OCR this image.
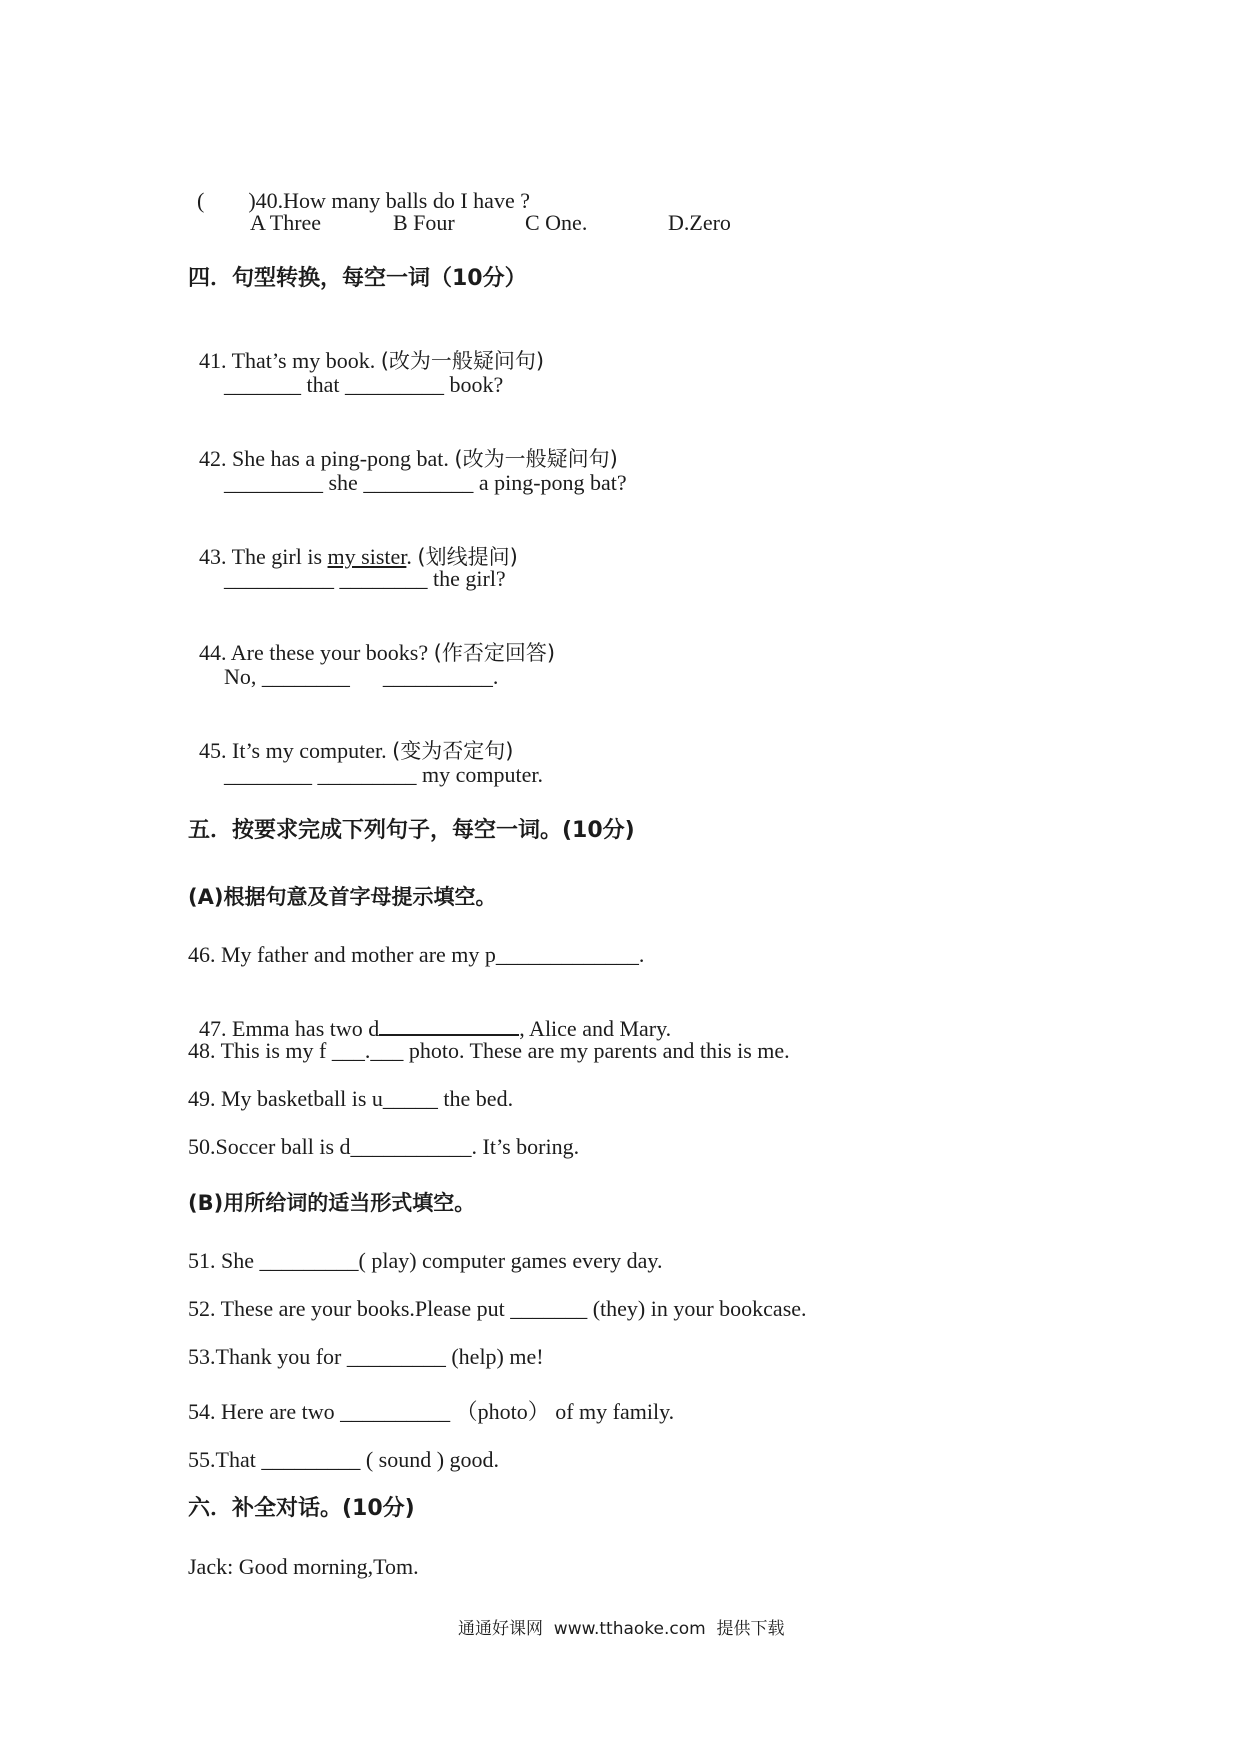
(        )40.How many balls do I have ?

A Three	B Four	C One.	D.Zero
四．句型转换，每空一词（10分）

41. That’s my book. (改为一般疑问句)

_______ that _________ book?

42. She has a ping-pong bat. (改为一般疑问句)

_________ she __________ a ping-pong bat?

43. The girl is my sister. (划线提问)

__________ ________ the girl?

44. Are these your books? (作否定回答)

No, ________      __________.

45. It’s my computer. (变为否定句)

________ _________ my computer.
五．按要求完成下列句子，每空一词。(10分)
(A)根据句意及首字母提示填空。
46. My father and mother are my p_____________.

47. Emma has two d	, Alice and Mary.

48. This is my f ___.___ photo. These are my parents and this is me.
49. My basketball is u_____ the bed.
50.Soccer ball is d___________. It’s boring.
(B)用所给词的适当形式填空。
51. She _________( play) computer games every day.
52. These are your books.Please put _______ (they) in your bookcase.
53.Thank you for _________ (help) me!
54. Here are two __________ （photo） of my family.
55.That _________ ( sound ) good.
六．补全对话。(10分)
Jack: Good morning,Tom.
通通好课网  www.tthaoke.com  提供下载
